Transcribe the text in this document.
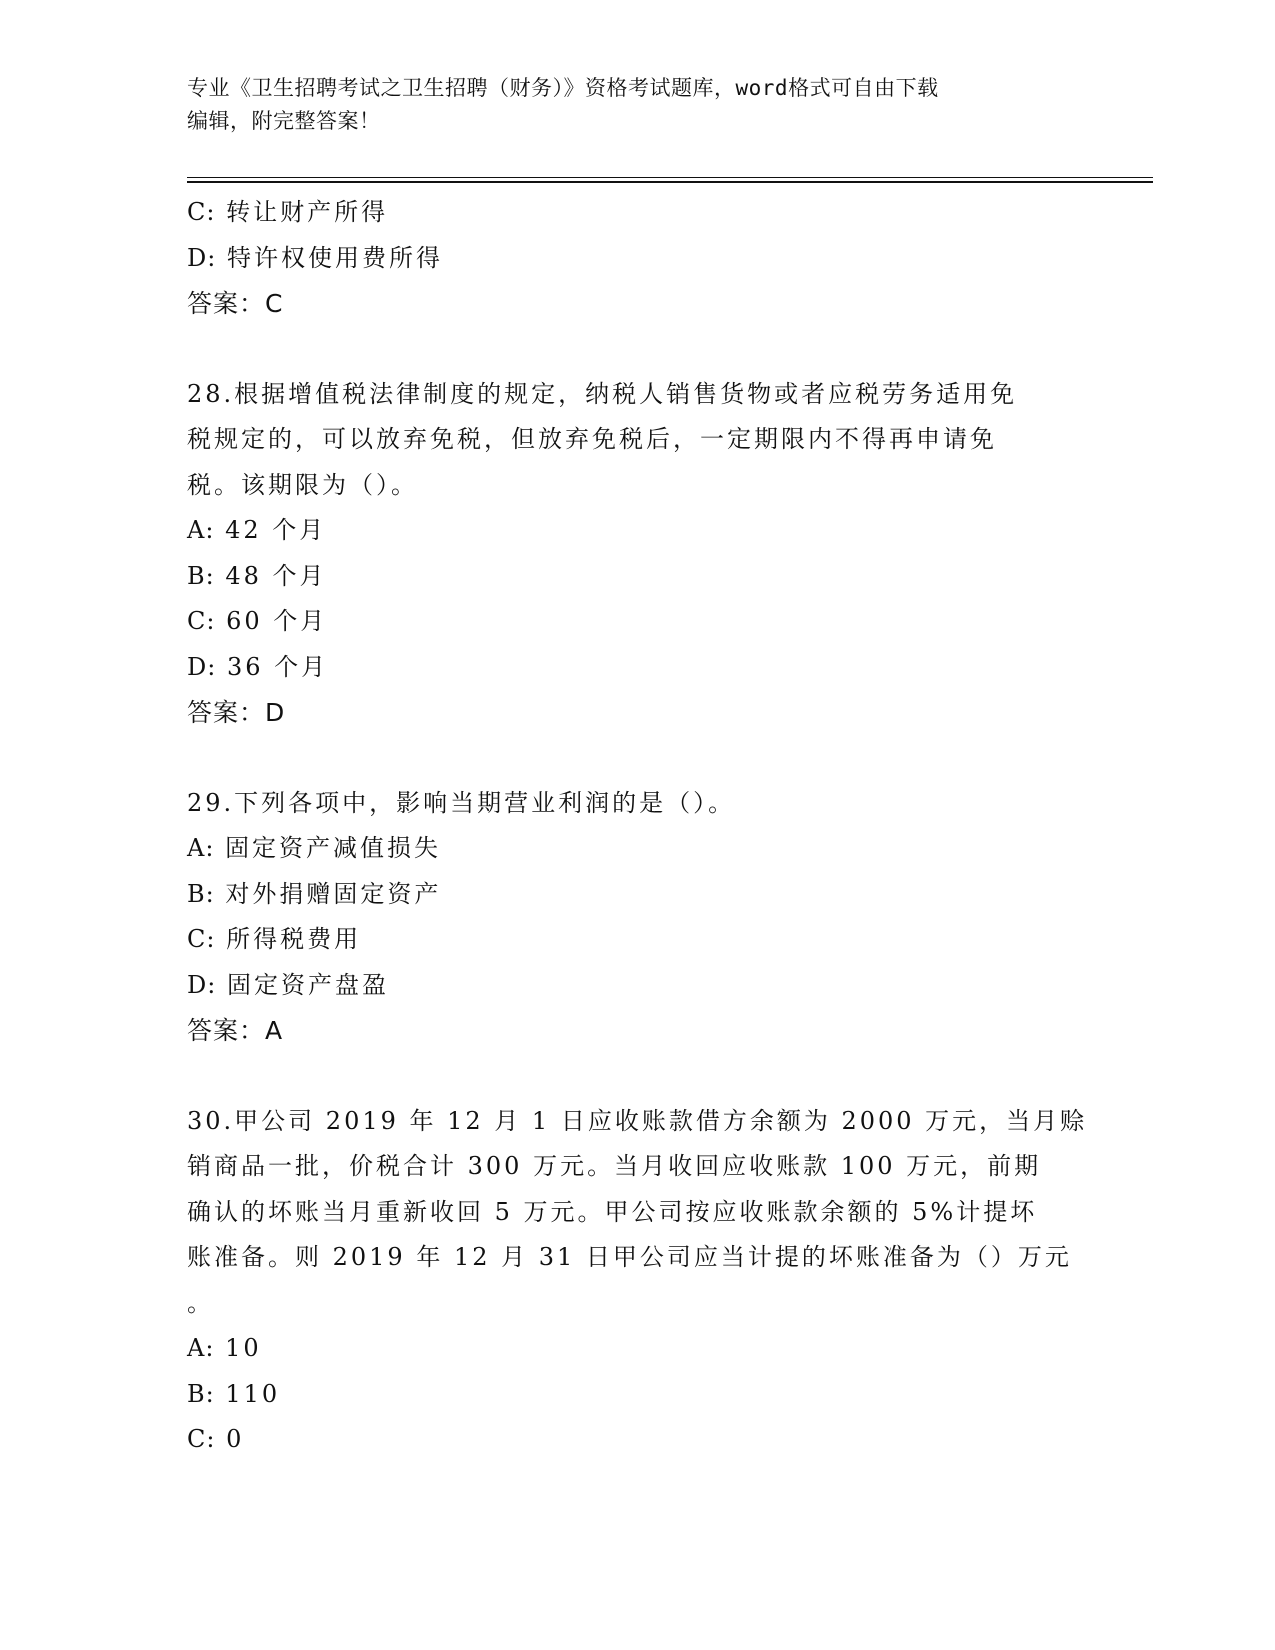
专业《卫生招聘考试之卫生招聘（财务）》资格考试题库，word格式可自由下载
编辑，附完整答案！
C: 转让财产所得
D: 特许权使用费所得
答案：C
28.根据增值税法律制度的规定，纳税人销售货物或者应税劳务适用免
税规定的，可以放弃免税，但放弃免税后，一定期限内不得再申请免
税。该期限为（）。
A: 42 个月
B: 48 个月
C: 60 个月
D: 36 个月
答案：D
29.下列各项中，影响当期营业利润的是（）。
A: 固定资产减值损失
B: 对外捐赠固定资产
C: 所得税费用
D: 固定资产盘盈
答案：A
30.甲公司 2019 年 12 月 1 日应收账款借方余额为 2000 万元，当月赊
销商品一批，价税合计 300 万元。当月收回应收账款 100 万元，前期
确认的坏账当月重新收回 5 万元。甲公司按应收账款余额的 5%计提坏
账准备。则 2019 年 12 月 31 日甲公司应当计提的坏账准备为（）万元
。
A: 10
B: 110
C: 0
